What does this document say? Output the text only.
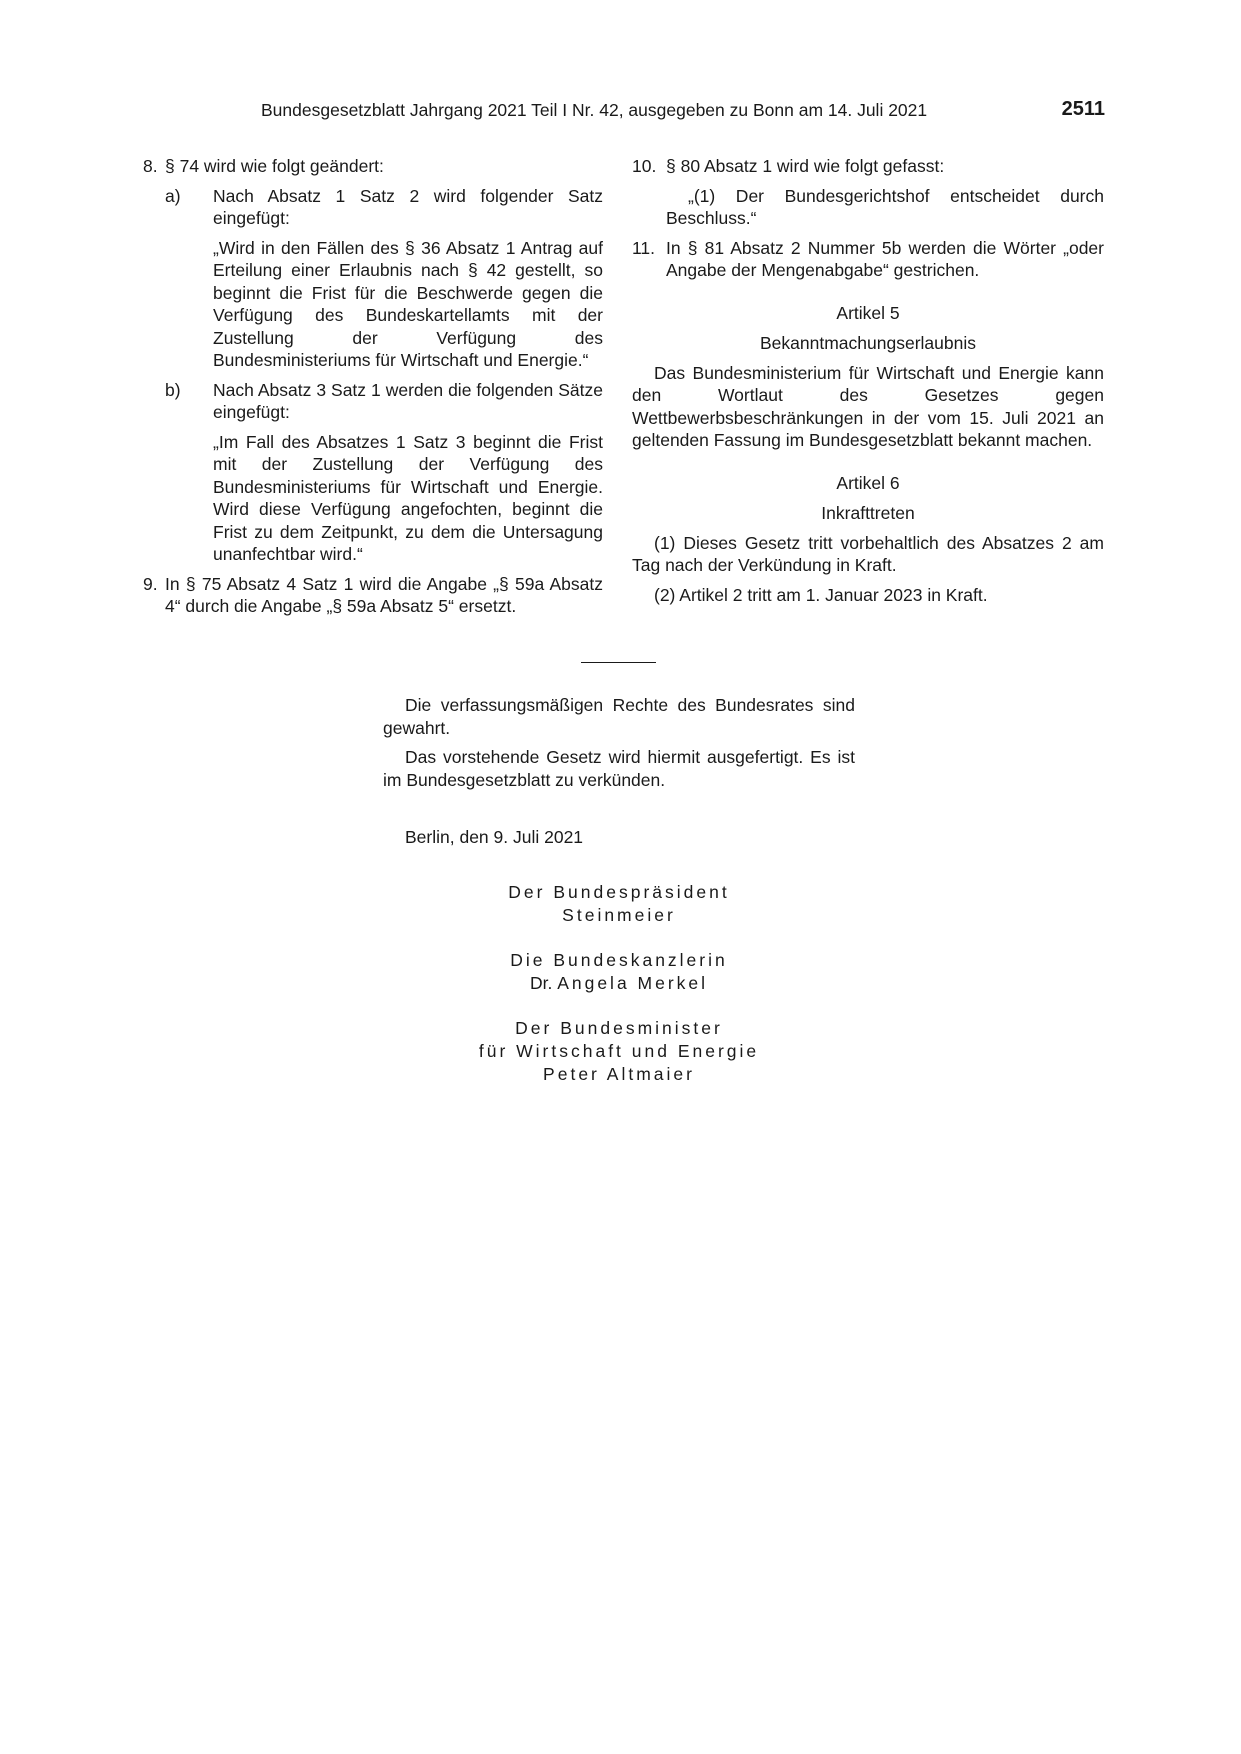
Bundesgesetzblatt Jahrgang 2021 Teil I Nr. 42, ausgegeben zu Bonn am 14. Juli 2021	2511
8. § 74 wird wie folgt geändert:

a) Nach Absatz 1 Satz 2 wird folgender Satz eingefügt:

„Wird in den Fällen des § 36 Absatz 1 Antrag auf Erteilung einer Erlaubnis nach § 42 gestellt, so beginnt die Frist für die Beschwerde gegen die Verfügung des Bundeskartellamts mit der Zustellung der Verfügung des Bundesministeriums für Wirtschaft und Energie.“

b) Nach Absatz 3 Satz 1 werden die folgenden Sätze eingefügt:

„Im Fall des Absatzes 1 Satz 3 beginnt die Frist mit der Zustellung der Verfügung des Bundesministeriums für Wirtschaft und Energie. Wird diese Verfügung angefochten, beginnt die Frist zu dem Zeitpunkt, zu dem die Untersagung unanfechtbar wird.“

9. In § 75 Absatz 4 Satz 1 wird die Angabe „§ 59a Absatz 4“ durch die Angabe „§ 59a Absatz 5“ ersetzt.

10. § 80 Absatz 1 wird wie folgt gefasst:

„(1) Der Bundesgerichtshof entscheidet durch Beschluss.“

11. In § 81 Absatz 2 Nummer 5b werden die Wörter „oder Angabe der Mengenabgabe“ gestrichen.

Artikel 5

Bekanntmachungserlaubnis

Das Bundesministerium für Wirtschaft und Energie kann den Wortlaut des Gesetzes gegen Wettbewerbsbeschränkungen in der vom 15. Juli 2021 an geltenden Fassung im Bundesgesetzblatt bekannt machen.

Artikel 6

Inkrafttreten

(1) Dieses Gesetz tritt vorbehaltlich des Absatzes 2 am Tag nach der Verkündung in Kraft.

(2) Artikel 2 tritt am 1. Januar 2023 in Kraft.

Die verfassungsmäßigen Rechte des Bundesrates sind gewahrt.

Das vorstehende Gesetz wird hiermit ausgefertigt. Es ist im Bundesgesetzblatt zu verkünden.

Berlin, den 9. Juli 2021

Der Bundespräsident
Steinmeier
Die Bundeskanzlerin
Dr. Angela Merkel
Der Bundesminister
für Wirtschaft und Energie
Peter Altmaier
